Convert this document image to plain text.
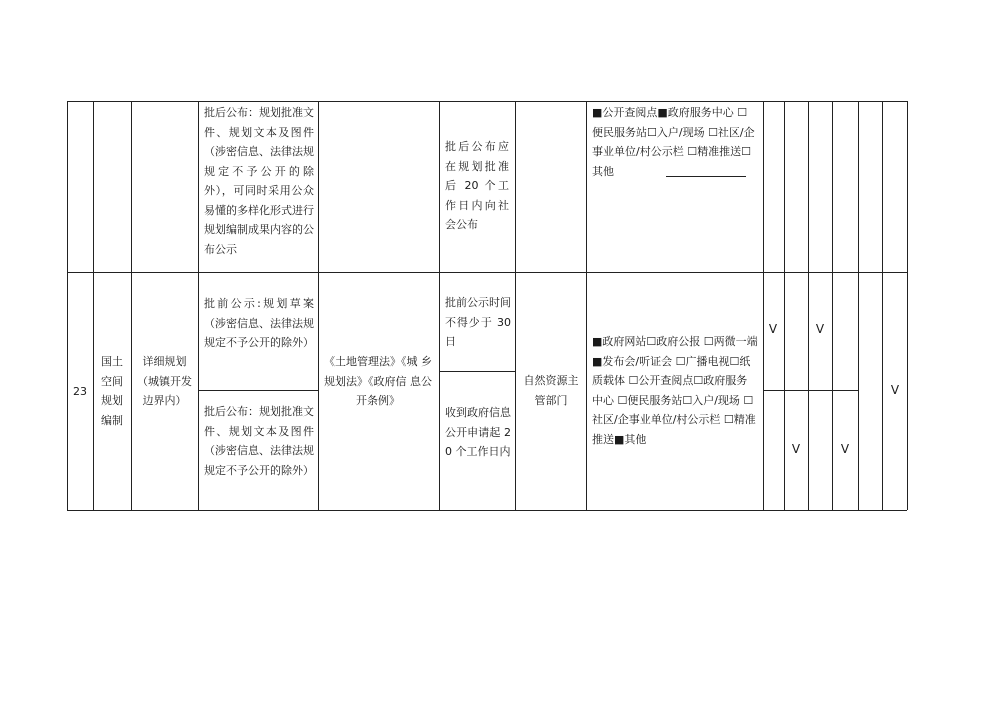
批后公布：规划批准文件、规划文本及图件（涉密信息、法律法规规定不予公开的除外），可同时采用公众易懂的多样化形式进行规划编制成果内容的公布公示
批后公布应在规划批准后 20 个工作日内向社会公布
■公开查阅点■政府服务中心 ☐便民服务站☐入户/现场 ☐社区/企事业单位/村公示栏 ☐精准推送☐其他
23
国土空间规划编制
详细规划（城镇开发边界内）
批前公示:规划草案（涉密信息、法律法规规定不予公开的除外）
批后公布：规划批准文件、规划文本及图件（涉密信息、法律法规规定不予公开的除外）
《土地管理法》《城 乡规划法》《政府信 息公开条例》
批前公示时间不得少于 30日
收到政府信息公开申请起 20 个工作日内
自然资源主管部门
■政府网站☐政府公报 ☐两微一端■发布会/听证会 ☐广播电视☐纸质载体 ☐公开查阅点☐政府服务中心 ☐便民服务站☐入户/现场 ☐社区/企事业单位/村公示栏 ☐精准推送■其他
V	V
V	V
V
